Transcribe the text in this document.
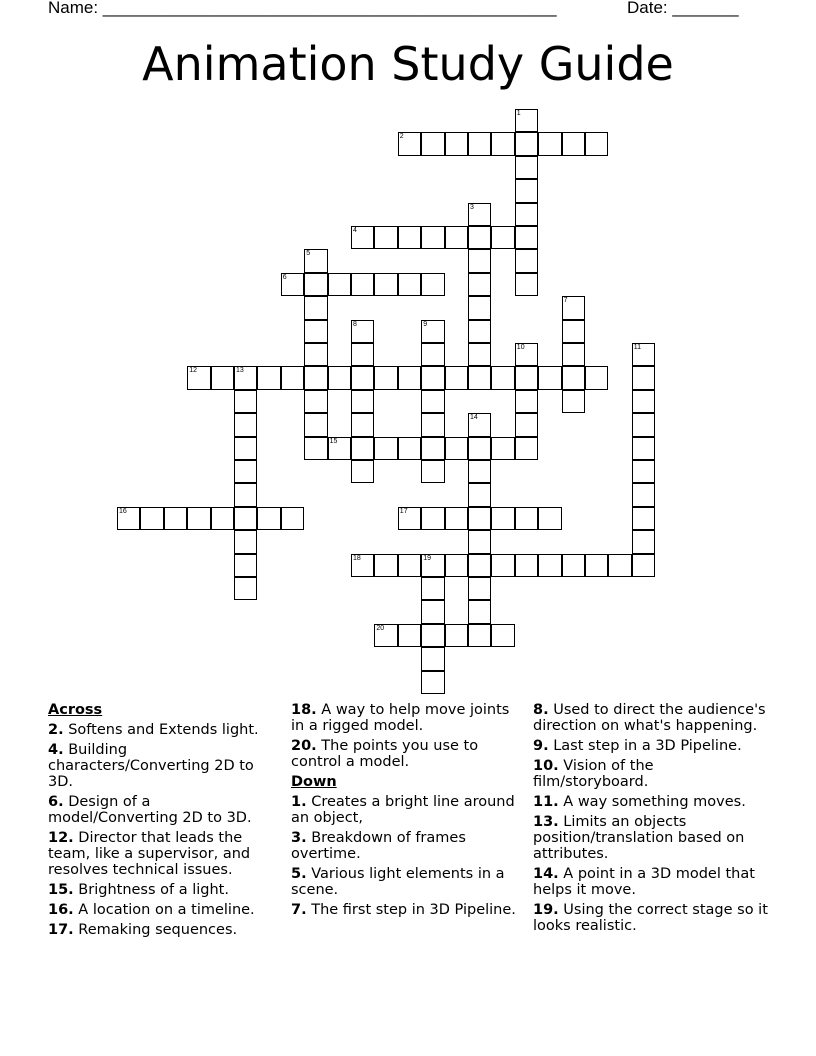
Name: ________________________________________________	Date: _______
Animation Study Guide
1
2
3
4
5
6
7
8	9
10	11
12	13
14
15
16	17
18	19
20
Across
2. Softens and Extends light.
4. Building characters/Converting 2D to 3D.
6. Design of a model/Converting 2D to 3D.
12. Director that leads the team, like a supervisor, and resolves technical issues.
15. Brightness of a light.
16. A location on a timeline.
17. Remaking sequences.
18. A way to help move joints in a rigged model.
20. The points you use to control a model.
Down
1. Creates a bright line around an object,
3. Breakdown of frames overtime.
5. Various light elements in a scene.
7. The first step in 3D Pipeline.
8. Used to direct the audience's direction on what's happening.
9. Last step in a 3D Pipeline.
10. Vision of the film/storyboard.
11. A way something moves.
13. Limits an objects position/translation based on attributes.
14. A point in a 3D model that helps it move.
19. Using the correct stage so it looks realistic.
